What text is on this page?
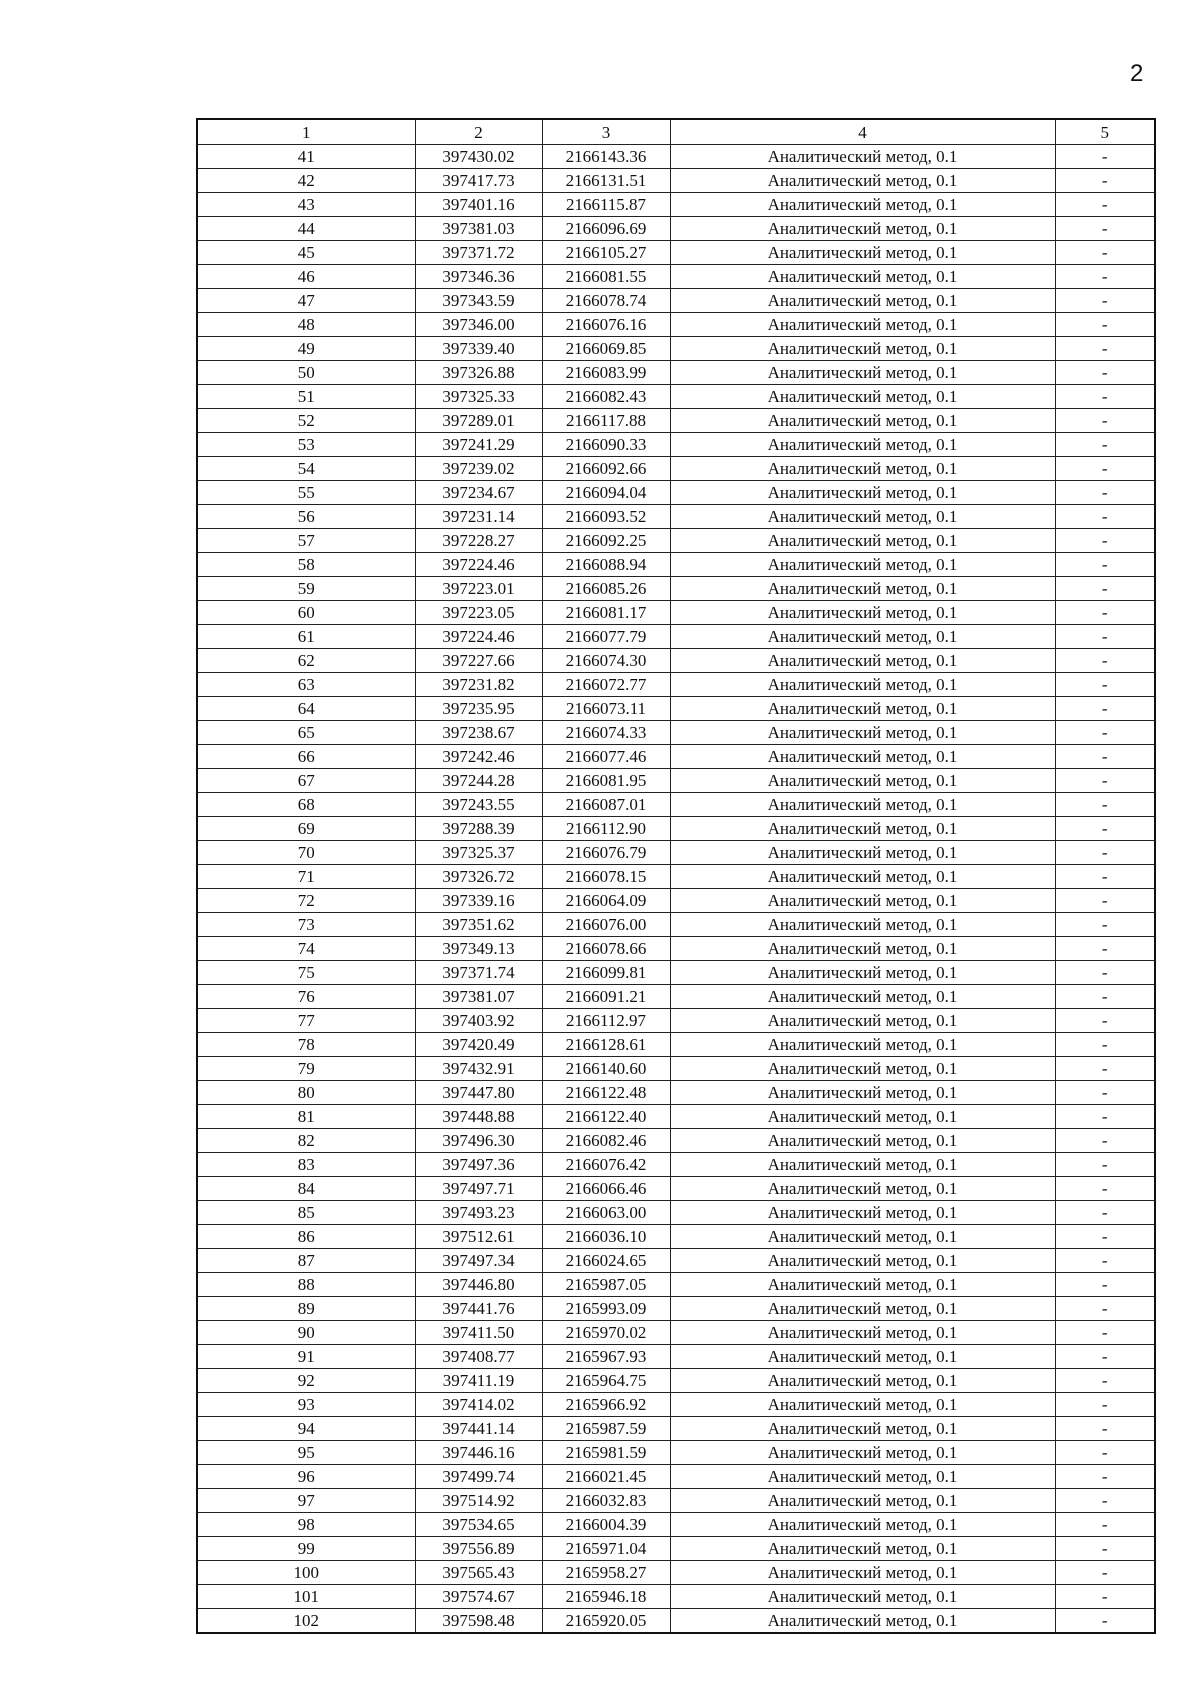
2
1	2	3	4	5
41	397430.02	2166143.36	Аналитический метод, 0.1	-
42	397417.73	2166131.51	Аналитический метод, 0.1	-
43	397401.16	2166115.87	Аналитический метод, 0.1	-
44	397381.03	2166096.69	Аналитический метод, 0.1	-
45	397371.72	2166105.27	Аналитический метод, 0.1	-
46	397346.36	2166081.55	Аналитический метод, 0.1	-
47	397343.59	2166078.74	Аналитический метод, 0.1	-
48	397346.00	2166076.16	Аналитический метод, 0.1	-
49	397339.40	2166069.85	Аналитический метод, 0.1	-
50	397326.88	2166083.99	Аналитический метод, 0.1	-
51	397325.33	2166082.43	Аналитический метод, 0.1	-
52	397289.01	2166117.88	Аналитический метод, 0.1	-
53	397241.29	2166090.33	Аналитический метод, 0.1	-
54	397239.02	2166092.66	Аналитический метод, 0.1	-
55	397234.67	2166094.04	Аналитический метод, 0.1	-
56	397231.14	2166093.52	Аналитический метод, 0.1	-
57	397228.27	2166092.25	Аналитический метод, 0.1	-
58	397224.46	2166088.94	Аналитический метод, 0.1	-
59	397223.01	2166085.26	Аналитический метод, 0.1	-
60	397223.05	2166081.17	Аналитический метод, 0.1	-
61	397224.46	2166077.79	Аналитический метод, 0.1	-
62	397227.66	2166074.30	Аналитический метод, 0.1	-
63	397231.82	2166072.77	Аналитический метод, 0.1	-
64	397235.95	2166073.11	Аналитический метод, 0.1	-
65	397238.67	2166074.33	Аналитический метод, 0.1	-
66	397242.46	2166077.46	Аналитический метод, 0.1	-
67	397244.28	2166081.95	Аналитический метод, 0.1	-
68	397243.55	2166087.01	Аналитический метод, 0.1	-
69	397288.39	2166112.90	Аналитический метод, 0.1	-
70	397325.37	2166076.79	Аналитический метод, 0.1	-
71	397326.72	2166078.15	Аналитический метод, 0.1	-
72	397339.16	2166064.09	Аналитический метод, 0.1	-
73	397351.62	2166076.00	Аналитический метод, 0.1	-
74	397349.13	2166078.66	Аналитический метод, 0.1	-
75	397371.74	2166099.81	Аналитический метод, 0.1	-
76	397381.07	2166091.21	Аналитический метод, 0.1	-
77	397403.92	2166112.97	Аналитический метод, 0.1	-
78	397420.49	2166128.61	Аналитический метод, 0.1	-
79	397432.91	2166140.60	Аналитический метод, 0.1	-
80	397447.80	2166122.48	Аналитический метод, 0.1	-
81	397448.88	2166122.40	Аналитический метод, 0.1	-
82	397496.30	2166082.46	Аналитический метод, 0.1	-
83	397497.36	2166076.42	Аналитический метод, 0.1	-
84	397497.71	2166066.46	Аналитический метод, 0.1	-
85	397493.23	2166063.00	Аналитический метод, 0.1	-
86	397512.61	2166036.10	Аналитический метод, 0.1	-
87	397497.34	2166024.65	Аналитический метод, 0.1	-
88	397446.80	2165987.05	Аналитический метод, 0.1	-
89	397441.76	2165993.09	Аналитический метод, 0.1	-
90	397411.50	2165970.02	Аналитический метод, 0.1	-
91	397408.77	2165967.93	Аналитический метод, 0.1	-
92	397411.19	2165964.75	Аналитический метод, 0.1	-
93	397414.02	2165966.92	Аналитический метод, 0.1	-
94	397441.14	2165987.59	Аналитический метод, 0.1	-
95	397446.16	2165981.59	Аналитический метод, 0.1	-
96	397499.74	2166021.45	Аналитический метод, 0.1	-
97	397514.92	2166032.83	Аналитический метод, 0.1	-
98	397534.65	2166004.39	Аналитический метод, 0.1	-
99	397556.89	2165971.04	Аналитический метод, 0.1	-
100	397565.43	2165958.27	Аналитический метод, 0.1	-
101	397574.67	2165946.18	Аналитический метод, 0.1	-
102	397598.48	2165920.05	Аналитический метод, 0.1	-
